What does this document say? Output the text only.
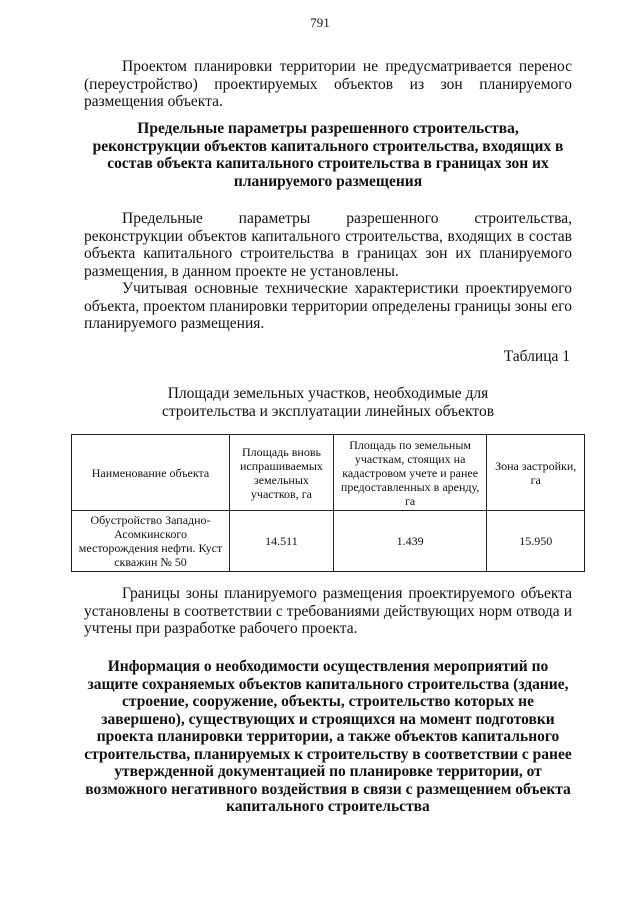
791
Проектом планировки территории не предусматривается перенос (переустройство) проектируемых объектов из зон планируемого размещения объекта.
Предельные параметры разрешенного строительства, реконструкции объектов капитального строительства, входящих в состав объекта капитального строительства в границах зон их планируемого размещения
Предельные параметры разрешенного строительства, реконструкции объектов капитального строительства, входящих в состав объекта капитального строительства в границах зон их планируемого размещения, в данном проекте не установлены.
Учитывая основные технические характеристики проектируемого объекта, проектом планировки территории определены границы зоны его планируемого размещения.
Таблица 1
Площади земельных участков, необходимые для
строительства и эксплуатации линейных объектов
Наименование объекта	Площадь вновь испрашиваемых земельных участков, га	Площадь по земельным участкам, стоящих на кадастровом учете и ранее предоставленных в аренду, га	Зона застройки, га
Обустройство Западно-Асомкинского месторождения нефти. Куст скважин № 50	14.511	1.439	15.950
Границы зоны планируемого размещения проектируемого объекта установлены в соответствии с требованиями действующих норм отвода и учтены при разработке рабочего проекта.
Информация о необходимости осуществления мероприятий по защите сохраняемых объектов капитального строительства (здание, строение, сооружение, объекты, строительство которых не завершено), существующих и строящихся на момент подготовки проекта планировки территории, а также объектов капитального строительства, планируемых к строительству в соответствии с ранее утвержденной документацией по планировке территории, от возможного негативного воздействия в связи с размещением объекта капитального строительства
